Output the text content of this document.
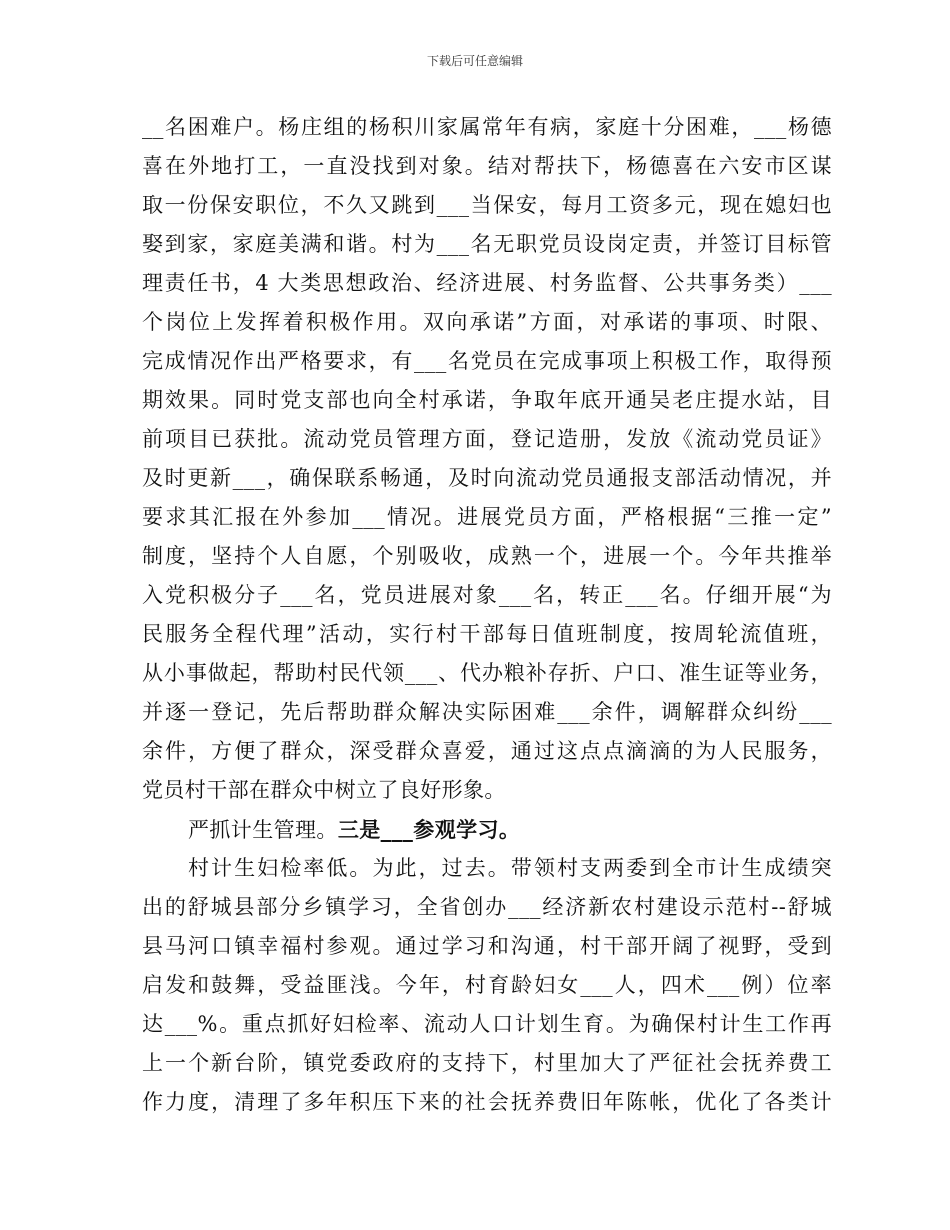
下载后可任意编辑
__名困难户。杨庄组的杨积川家属常年有病，家庭十分困难，___杨德
喜在外地打工，一直没找到对象。结对帮扶下，杨德喜在六安市区谋
取一份保安职位，不久又跳到___当保安，每月工资多元，现在媳妇也
娶到家，家庭美满和谐。村为___名无职党员设岗定责，并签订目标管
理责任书，4 大类思想政治、经济进展、村务监督、公共事务类）___
个岗位上发挥着积极作用。双向承诺”方面，对承诺的事项、时限、
完成情况作出严格要求，有___名党员在完成事项上积极工作，取得预
期效果。同时党支部也向全村承诺，争取年底开通吴老庄提水站，目
前项目已获批。流动党员管理方面，登记造册，发放《流动党员证》
及时更新___，确保联系畅通，及时向流动党员通报支部活动情况，并
要求其汇报在外参加___情况。进展党员方面，严格根据“三推一定”
制度，坚持个人自愿，个别吸收，成熟一个，进展一个。今年共推举
入党积极分子___名，党员进展对象___名，转正___名。仔细开展“为
民服务全程代理”活动，实行村干部每日值班制度，按周轮流值班，
从小事做起，帮助村民代领___、代办粮补存折、户口、准生证等业务，
并逐一登记，先后帮助群众解决实际困难___余件，调解群众纠纷___
余件，方便了群众，深受群众喜爱，通过这点点滴滴的为人民服务，
党员村干部在群众中树立了良好形象。
严抓计生管理。三是___参观学习。
村计生妇检率低。为此，过去。带领村支两委到全市计生成绩突
出的舒城县部分乡镇学习，全省创办___经济新农村建设示范村--舒城
县马河口镇幸福村参观。通过学习和沟通，村干部开阔了视野，受到
启发和鼓舞，受益匪浅。今年，村育龄妇女___人，四术___例）位率
达___%。重点抓好妇检率、流动人口计划生育。为确保村计生工作再
上一个新台阶，镇党委政府的支持下，村里加大了严征社会抚养费工
作力度，清理了多年积压下来的社会抚养费旧年陈帐，优化了各类计
